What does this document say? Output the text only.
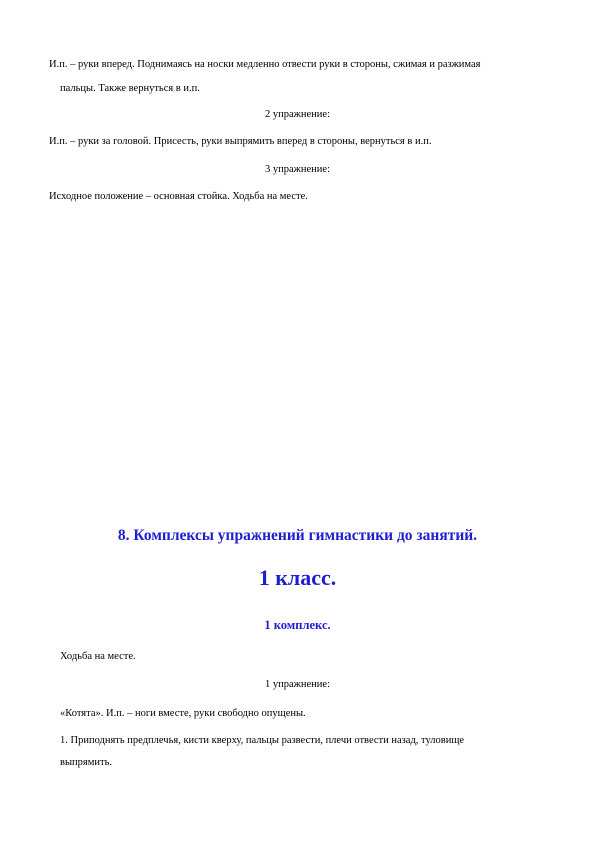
И.п. – руки вперед. Поднимаясь на носки медленно отвести руки в стороны, сжимая и разжимая
пальцы. Также вернуться в и.п.
2 упражнение:
И.п. – руки за головой. Присесть, руки выпрямить вперед в стороны, вернуться в и.п.
3 упражнение:
Исходное положение – основная стойка. Ходьба на месте.
8. Комплексы упражнений гимнастики до занятий.
1 класс.
1 комплекс.
Ходьба на месте.
1 упражнение:
«Котята». И.п. – ноги вместе, руки свободно опущены.
1. Приподнять предплечья, кисти кверху, пальцы развести, плечи отвести назад, туловище
выпрямить.
